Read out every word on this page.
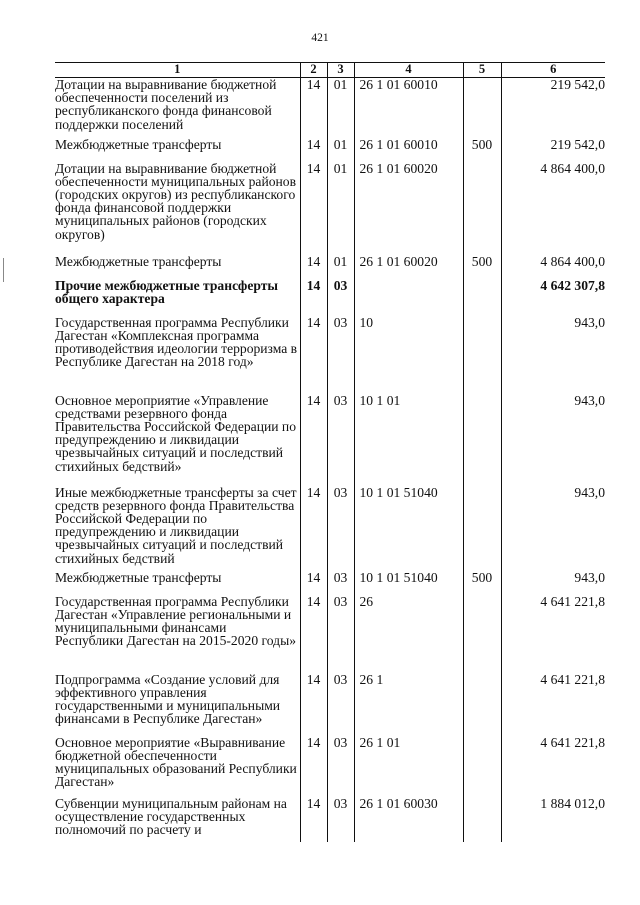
421
1	2	3	4	5	6
Дотации на выравнивание бюджетной обеспеченности поселений из республиканского фонда финансовой поддержки поселений	14	01	26 1 01 60010		219 542,0
Межбюджетные трансферты	14	01	26 1 01 60010	500	219 542,0
Дотации на выравнивание бюджетной обеспеченности муниципальных районов (городских округов) из республиканского фонда финансовой поддержки муниципальных районов (городских округов)	14	01	26 1 01 60020		4 864 400,0
Межбюджетные трансферты	14	01	26 1 01 60020	500	4 864 400,0
Прочие межбюджетные трансферты общего характера	14	03			4 642 307,8
Государственная программа Республики Дагестан «Комплексная программа противодействия идеологии терроризма в Республике Дагестан на 2018 год»	14	03	10		943,0
Основное мероприятие «Управление средствами резервного фонда Правительства Российской Федерации по предупреждению и ликвидации чрезвычайных ситуаций и последствий стихийных бедствий»	14	03	10 1 01		943,0
Иные межбюджетные трансферты за счет средств резервного фонда Правительства Российской Федерации по предупреждению и ликвидации чрезвычайных ситуаций и последствий стихийных бедствий	14	03	10 1 01 51040		943,0
Межбюджетные трансферты	14	03	10 1 01 51040	500	943,0
Государственная программа Республики Дагестан «Управление региональными и муниципальными финансами Республики Дагестан на 2015-2020 годы»	14	03	26		4 641 221,8
Подпрограмма «Создание условий для эффективного управления государственными и муниципальными финансами в Республике Дагестан»	14	03	26 1		4 641 221,8
Основное мероприятие «Выравнивание бюджетной обеспеченности муниципальных образований Республики Дагестан»	14	03	26 1 01		4 641 221,8
Субвенции муниципальным районам на осуществление государственных полномочий по расчету и	14	03	26 1 01 60030		1 884 012,0
